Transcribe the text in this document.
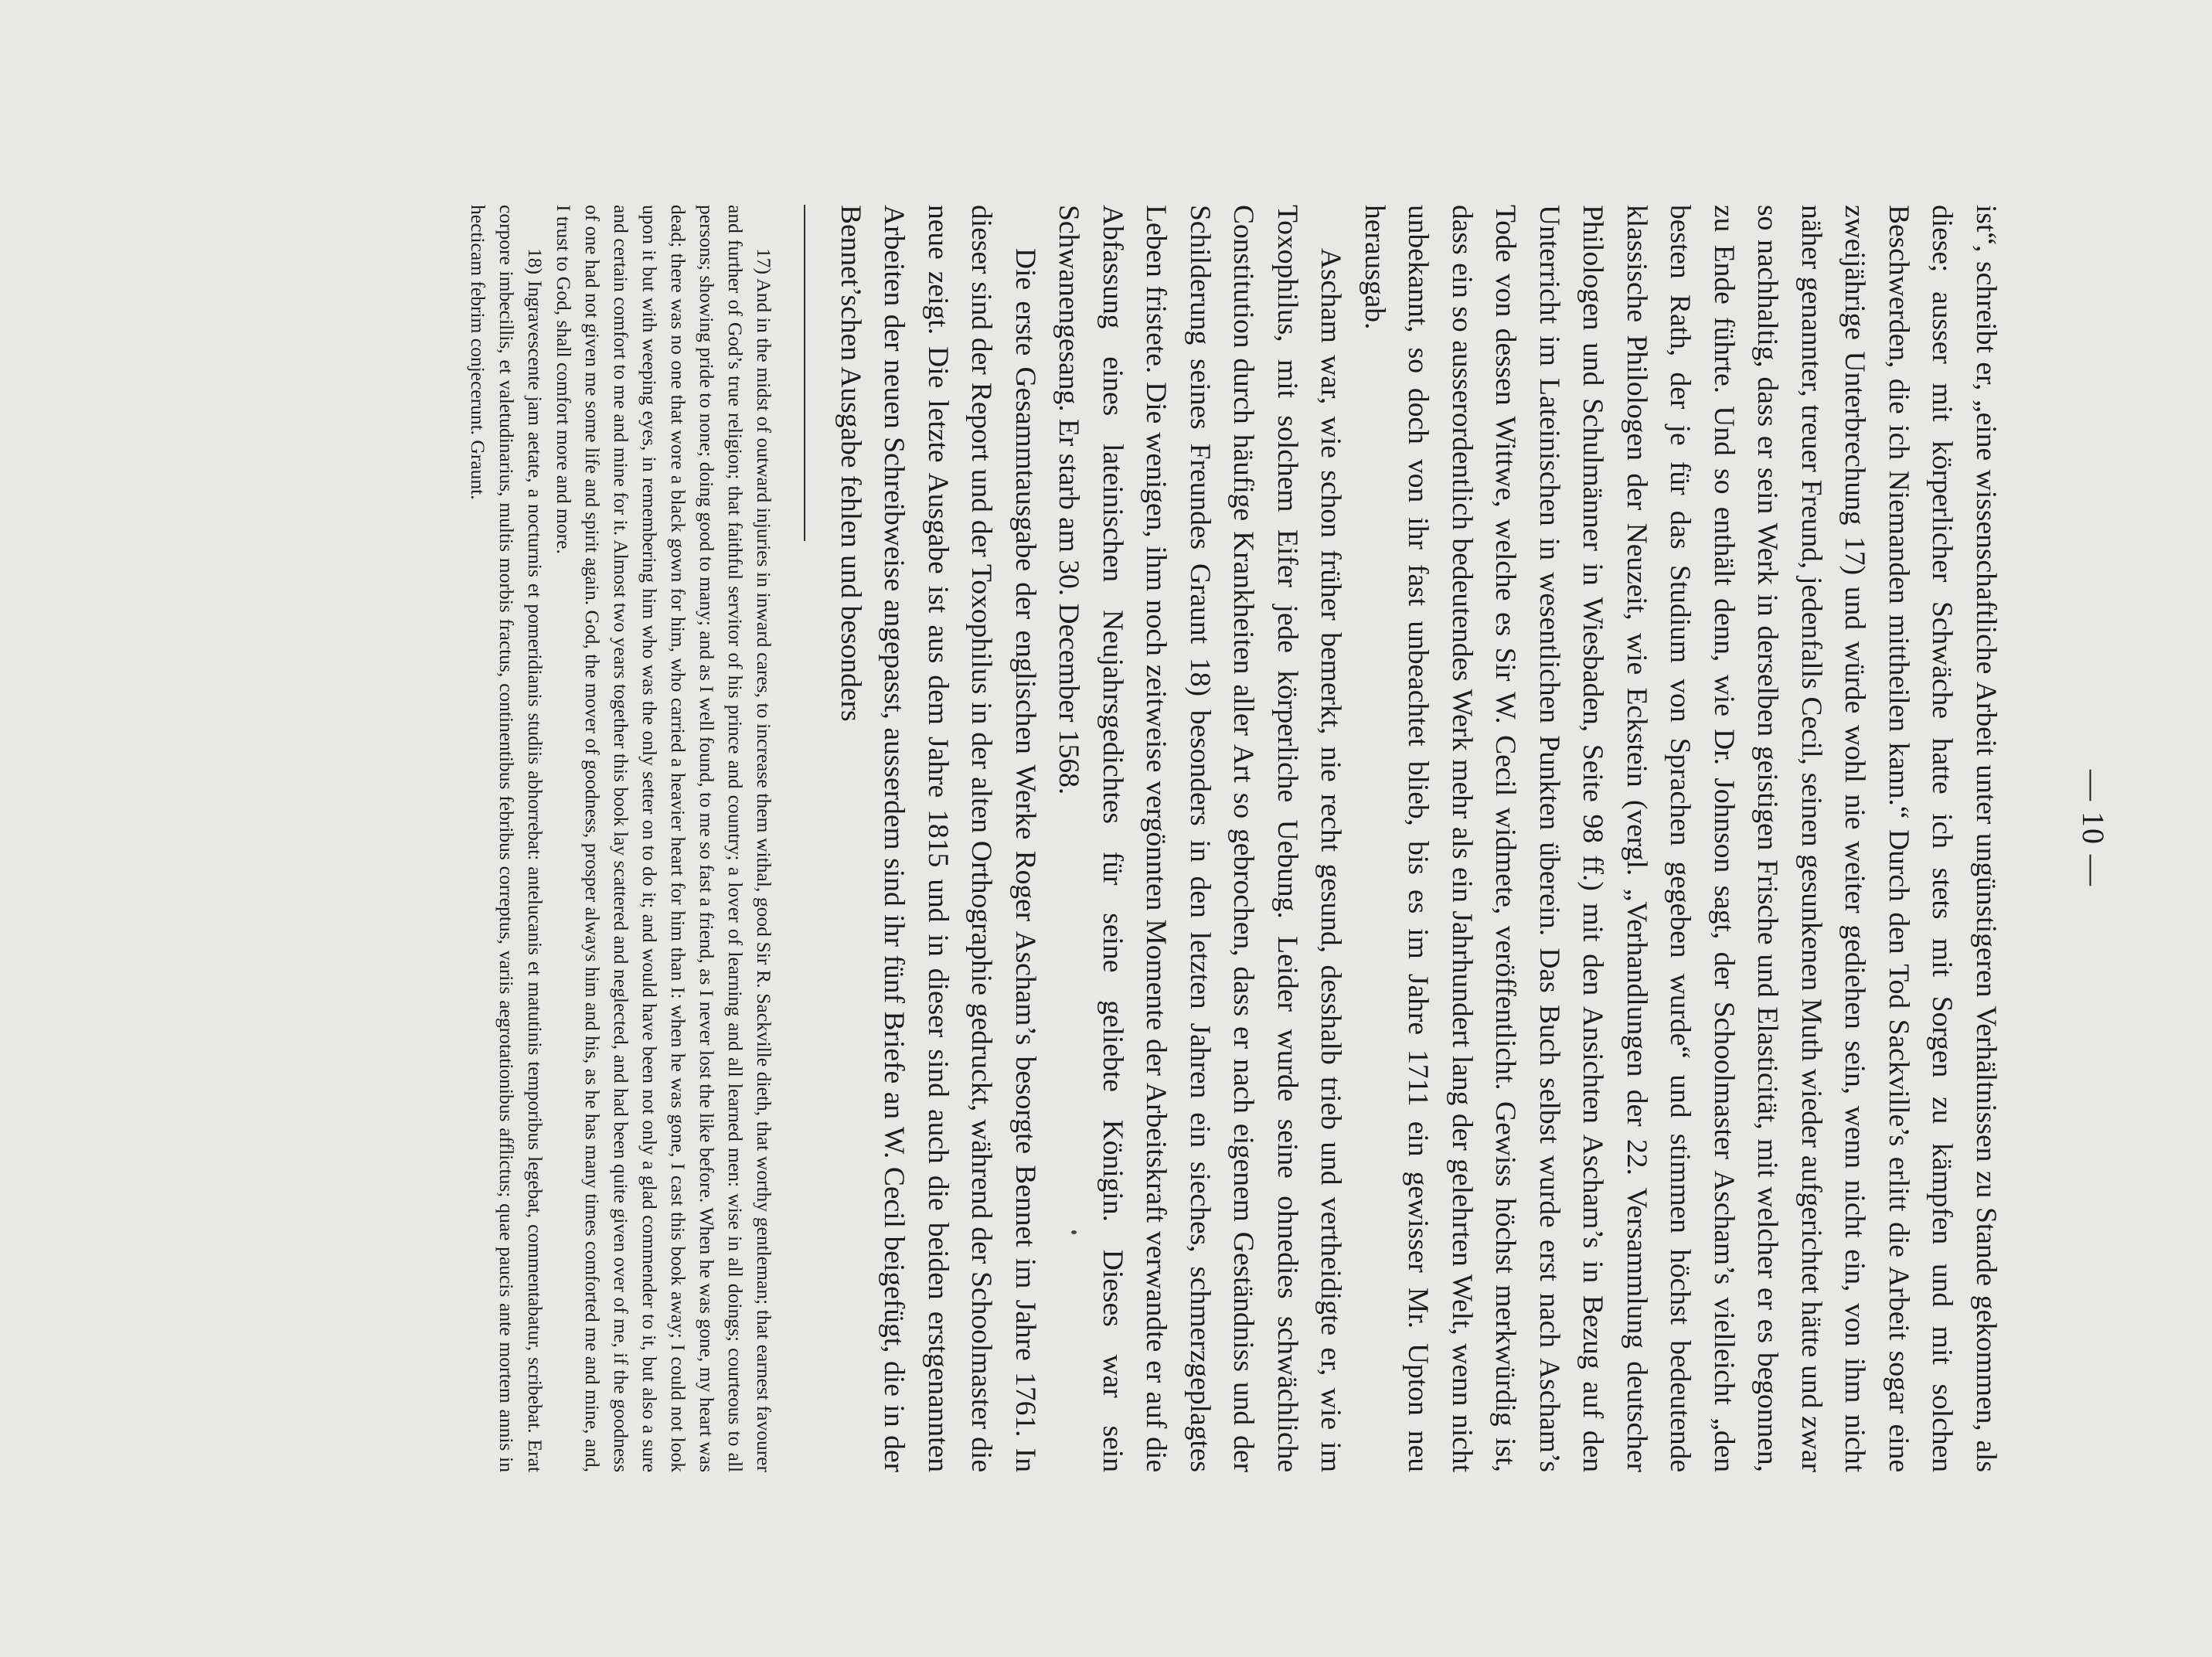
— 10 —

ist“, schreibt er, „eine wissenschaftliche Arbeit unter ungünstigeren Verhältnissen zu Stande gekommen, als diese; ausser mit körperlicher Schwäche hatte ich stets mit Sorgen zu kämpfen und mit solchen Beschwerden, die ich Niemanden mittheilen kann.“ Durch den Tod Sackville’s erlitt die Arbeit sogar eine zweijährige Unterbrechung 17) und würde wohl nie weiter gediehen sein, wenn nicht ein, von ihm nicht näher genannter, treuer Freund, jedenfalls Cecil, seinen gesunkenen Muth wieder aufgerichtet hätte und zwar so nachhaltig, dass er sein Werk in derselben geistigen Frische und Elasticität, mit welcher er es begonnen, zu Ende führte. Und so enthält denn, wie Dr. Johnson sagt, der Schoolmaster Ascham’s vielleicht „den besten Rath, der je für das Studium von Sprachen gegeben wurde“ und stimmen höchst bedeutende klassische Philologen der Neuzeit, wie Eckstein (vergl. „Verhandlungen der 22. Versammlung deutscher Philologen und Schulmänner in Wiesbaden, Seite 98 ff.) mit den Ansichten Ascham’s in Bezug auf den Unterricht im Lateinischen in wesentlichen Punkten überein. Das Buch selbst wurde erst nach Ascham’s Tode von dessen Wittwe, welche es Sir W. Cecil widmete, veröffentlicht. Gewiss höchst merkwürdig ist, dass ein so ausserordentlich bedeutendes Werk mehr als ein Jahrhundert lang der gelehrten Welt, wenn nicht unbekannt, so doch von ihr fast unbeachtet blieb, bis es im Jahre 1711 ein gewisser Mr. Upton neu herausgab.

Ascham war, wie schon früher bemerkt, nie recht gesund, desshalb trieb und vertheidigte er, wie im Toxophilus, mit solchem Eifer jede körperliche Uebung. Leider wurde seine ohnedies schwächliche Constitution durch häufige Krankheiten aller Art so gebrochen, dass er nach eigenem Geständniss und der Schilderung seines Freundes Graunt 18) besonders in den letzten Jahren ein sieches, schmerzgeplagtes Leben fristete. Die wenigen, ihm noch zeitweise vergönnten Momente der Arbeitskraft verwandte er auf die Abfassung eines lateinischen Neujahrsgedichtes für seine geliebte Königin. Dieses war sein Schwanengesang. Er starb am 30. December 1568.

Die erste Gesammtausgabe der englischen Werke Roger Ascham’s besorgte Bennet im Jahre 1761. In dieser sind der Report und der Toxophilus in der alten Orthographie gedruckt, während der Schoolmaster die neue zeigt. Die letzte Ausgabe ist aus dem Jahre 1815 und in dieser sind auch die beiden erstgenannten Arbeiten der neuen Schreibweise angepasst, ausserdem sind ihr fünf Briefe an W. Cecil beigefügt, die in der Bennet’schen Ausgabe fehlen und besonders

17) And in the midst of outward injuries in inward cares, to increase them withal, good Sir R. Sackville dieth, that worthy gentleman; that earnest favourer and further of God’s true religion; that faithful servitor of his prince and country; a lover of learning and all learned men: wise in all doings; courteous to all persons; showing pride to none; doing good to many; and as I well found, to me so fast a friend, as I never lost the like before. When he was gone, my heart was dead; there was no one that wore a black gown for him, who carried a heavier heart for him than I: when he was gone, I cast this book away; I could not look upon it but with weeping eyes, in remembering him who was the only setter on to do it; and would have been not only a glad commender to it, but also a sure and certain comfort to me and mine for it. Almost two years together this book lay scattered and neglected, and had been quite given over of me, if the goodness of one had not given me some life and spirit again. God, the mover of goodness, prosper always him and his, as he has many times comforted me and mine, and, I trust to God, shall comfort more and more.

18) Ingravescente jam aetate, a nocturnis et pomeridianis studiis abhorrebat: antelucanis et matutinis temporibus legebat, commentabatur, scribebat. Erat corpore imbecillis, et valetudinarius, multis morbis fractus, continentibus febribus correptus, variis aegrotationibus afflictus; quae paucis ante mortem annis in hecticam febrim conjecerunt. Graunt.
